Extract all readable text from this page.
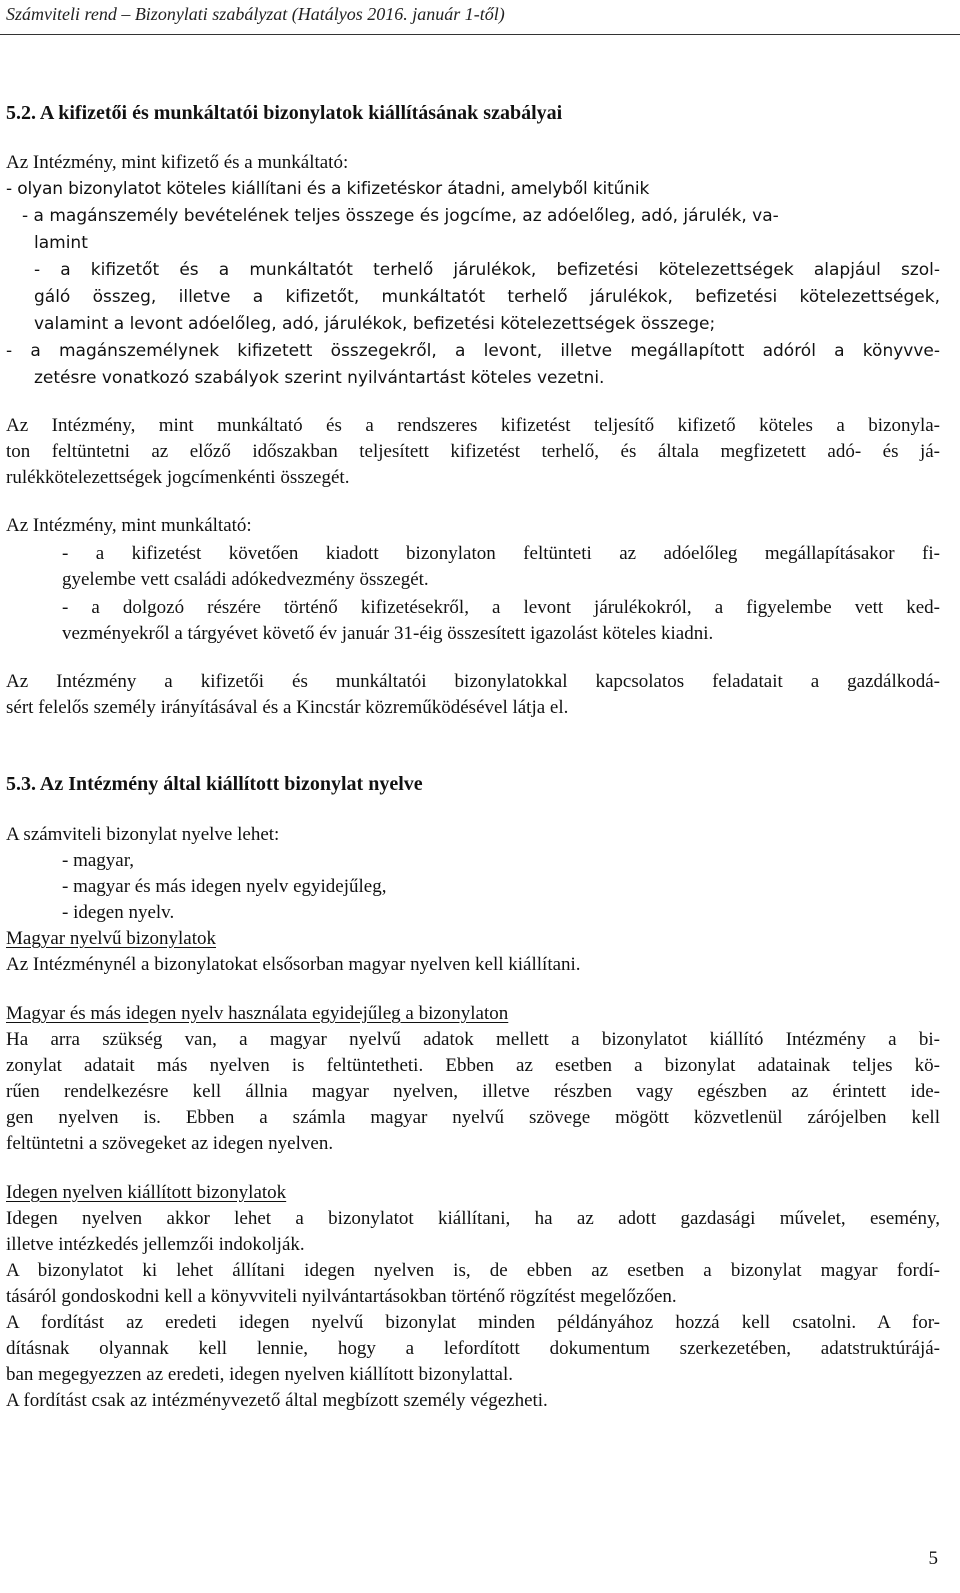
Számviteli rend – Bizonylati szabályzat (Hatályos 2016. január 1-től)
5.2. A kifizetői és munkáltatói bizonylatok kiállításának szabályai
Az Intézmény, mint kifizető és a munkáltató:
- olyan bizonylatot köteles kiállítani és a kifizetéskor átadni, amelyből kitűnik
- a magánszemély bevételének teljes összege és jogcíme, az adóelőleg, adó, járulék, va-
lamint
- a kifizetőt és a munkáltatót terhelő járulékok, befizetési kötelezettségek alapjául szol-
gáló összeg, illetve a kifizetőt, munkáltatót terhelő járulékok, befizetési kötelezettségek,
valamint a levont adóelőleg, adó, járulékok, befizetési kötelezettségek összege;
- a magánszemélynek kifizetett összegekről, a levont, illetve megállapított adóról a könyvve-
zetésre vonatkozó szabályok szerint nyilvántartást köteles vezetni.
Az Intézmény, mint munkáltató és a rendszeres kifizetést teljesítő kifizető köteles a bizonyla-
ton feltüntetni az előző időszakban teljesített kifizetést terhelő, és általa megfizetett adó- és já-
rulékkötelezettségek jogcímenkénti összegét.
Az Intézmény, mint munkáltató:
- a kifizetést követően kiadott bizonylaton feltünteti az adóelőleg megállapításakor fi-
gyelembe vett családi adókedvezmény összegét.
- a dolgozó részére történő kifizetésekről, a levont járulékokról, a figyelembe vett ked-
vezményekről a tárgyévet követő év január 31-éig összesített igazolást köteles kiadni.
Az Intézmény a kifizetői és munkáltatói bizonylatokkal kapcsolatos feladatait a gazdálkodá-
sért felelős személy irányításával és a Kincstár közreműködésével látja el.
5.3. Az Intézmény által kiállított bizonylat nyelve
A számviteli bizonylat nyelve lehet:
- magyar,
- magyar és más idegen nyelv egyidejűleg,
- idegen nyelv.
Magyar nyelvű bizonylatok
Az Intézménynél a bizonylatokat elsősorban magyar nyelven kell kiállítani.
Magyar és más idegen nyelv használata egyidejűleg a bizonylaton
Ha arra szükség van, a magyar nyelvű adatok mellett a bizonylatot kiállító Intézmény a bi-
zonylat adatait más nyelven is feltüntetheti. Ebben az esetben a bizonylat adatainak teljes kö-
rűen rendelkezésre kell állnia magyar nyelven, illetve részben vagy egészben az érintett ide-
gen nyelven is. Ebben a számla magyar nyelvű szövege mögött közvetlenül zárójelben kell
feltüntetni a szövegeket az idegen nyelven.
Idegen nyelven kiállított bizonylatok
Idegen nyelven akkor lehet a bizonylatot kiállítani, ha az adott gazdasági művelet, esemény,
illetve intézkedés jellemzői indokolják.
A bizonylatot ki lehet állítani idegen nyelven is, de ebben az esetben a bizonylat magyar fordí-
tásáról gondoskodni kell a könyvviteli nyilvántartásokban történő rögzítést megelőzően.
A fordítást az eredeti idegen nyelvű bizonylat minden példányához hozzá kell csatolni. A for-
dításnak olyannak kell lennie, hogy a lefordított dokumentum szerkezetében, adatstruktúrájá-
ban megegyezzen az eredeti, idegen nyelven kiállított bizonylattal.
A fordítást csak az intézményvezető által megbízott személy végezheti.
5
